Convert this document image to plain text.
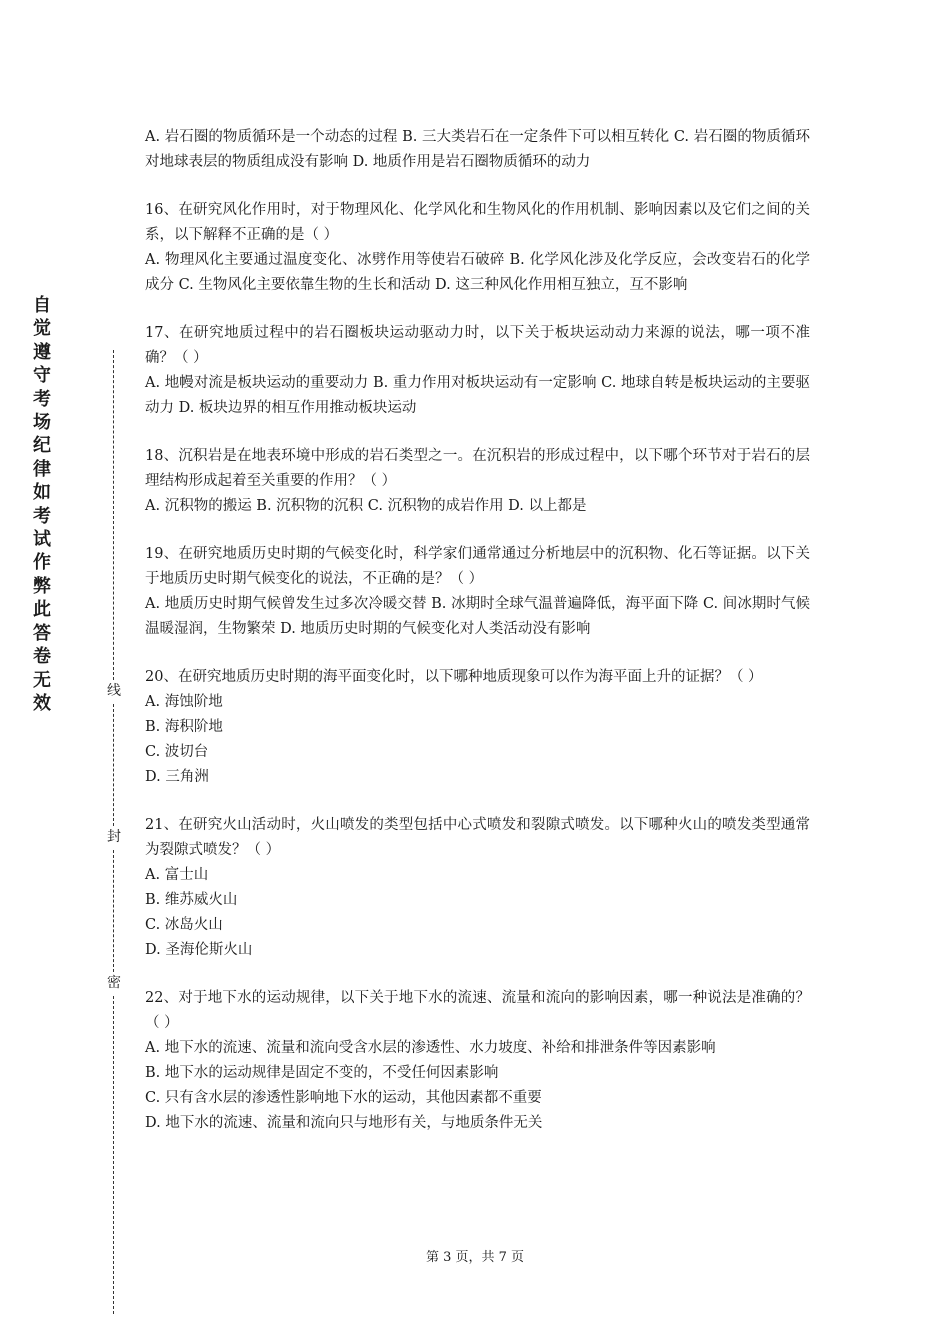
自觉遵守考场纪律如考试作弊此答卷无效
线
封
密

A. 岩石圈的物质循环是一个动态的过程 B. 三大类岩石在一定条件下可以相互转化 C. 岩石圈的物质循环对地球表层的物质组成没有影响 D. 地质作用是岩石圈物质循环的动力

16、在研究风化作用时，对于物理风化、化学风化和生物风化的作用机制、影响因素以及它们之间的关系，以下解释不正确的是（ ）

A. 物理风化主要通过温度变化、冰劈作用等使岩石破碎 B. 化学风化涉及化学反应，会改变岩石的化学成分 C. 生物风化主要依靠生物的生长和活动 D. 这三种风化作用相互独立，互不影响

17、在研究地质过程中的岩石圈板块运动驱动力时，以下关于板块运动动力来源的说法，哪一项不准确？（ ）

A. 地幔对流是板块运动的重要动力 B. 重力作用对板块运动有一定影响 C. 地球自转是板块运动的主要驱动力 D. 板块边界的相互作用推动板块运动

18、沉积岩是在地表环境中形成的岩石类型之一。在沉积岩的形成过程中，以下哪个环节对于岩石的层理结构形成起着至关重要的作用？（ ）

A. 沉积物的搬运 B. 沉积物的沉积 C. 沉积物的成岩作用 D. 以上都是

19、在研究地质历史时期的气候变化时，科学家们通常通过分析地层中的沉积物、化石等证据。以下关于地质历史时期气候变化的说法，不正确的是？（ ）

A. 地质历史时期气候曾发生过多次冷暖交替 B. 冰期时全球气温普遍降低，海平面下降 C. 间冰期时气候温暖湿润，生物繁荣 D. 地质历史时期的气候变化对人类活动没有影响

20、在研究地质历史时期的海平面变化时，以下哪种地质现象可以作为海平面上升的证据？（ ）

A. 海蚀阶地

B. 海积阶地

C. 波切台

D. 三角洲

21、在研究火山活动时，火山喷发的类型包括中心式喷发和裂隙式喷发。以下哪种火山的喷发类型通常为裂隙式喷发？（ ）

A. 富士山

B. 维苏威火山

C. 冰岛火山

D. 圣海伦斯火山

22、对于地下水的运动规律，以下关于地下水的流速、流量和流向的影响因素，哪一种说法是准确的？（ ）

A. 地下水的流速、流量和流向受含水层的渗透性、水力坡度、补给和排泄条件等因素影响

B. 地下水的运动规律是固定不变的，不受任何因素影响

C. 只有含水层的渗透性影响地下水的运动，其他因素都不重要

D. 地下水的流速、流量和流向只与地形有关，与地质条件无关

第 3 页，共 7 页
